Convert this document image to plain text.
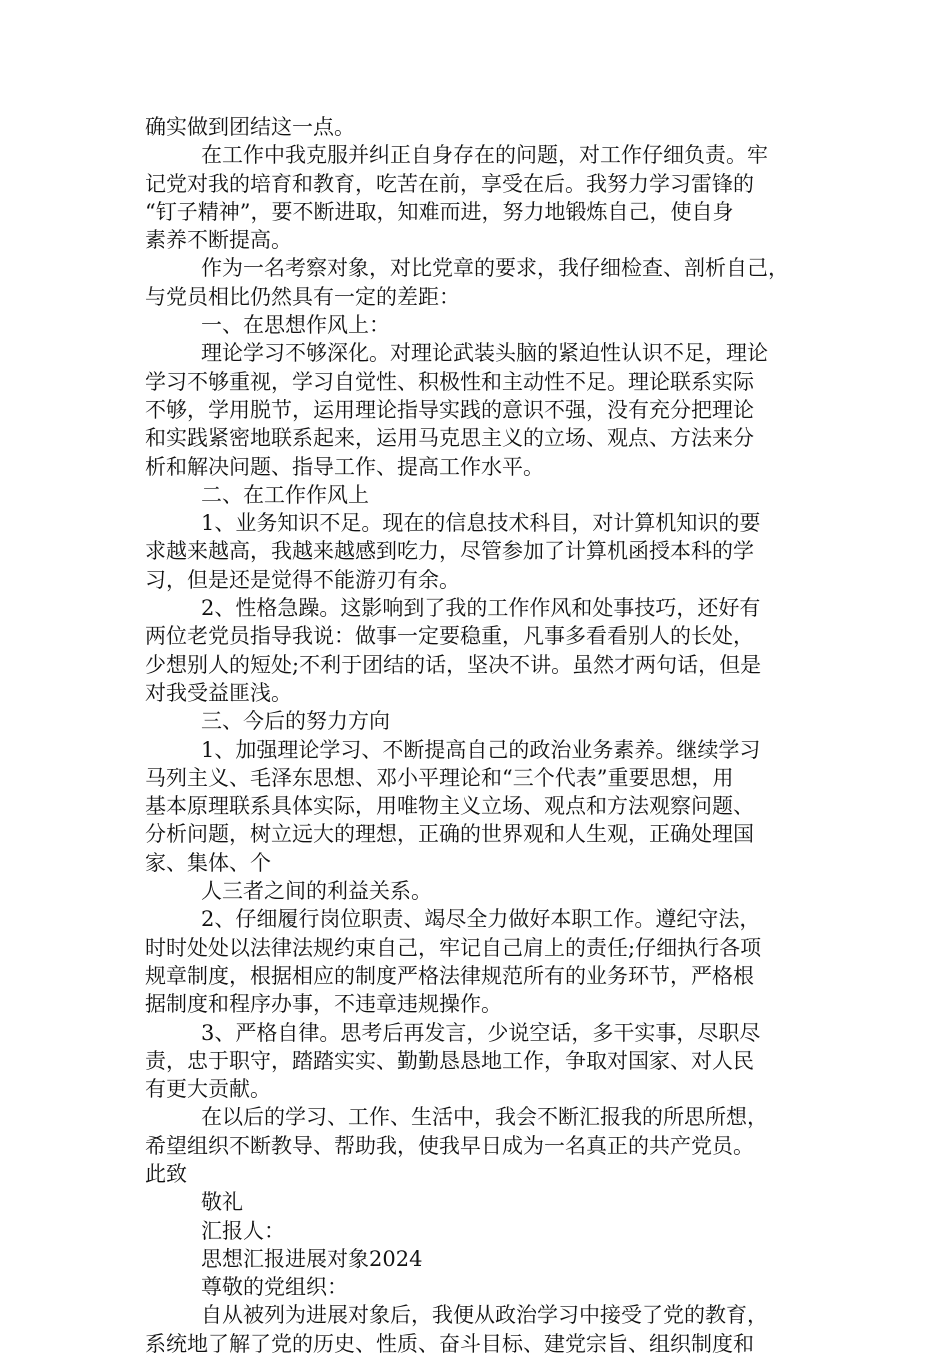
确实做到团结这一点。
在工作中我克服并纠正自身存在的问题，对工作仔细负责。牢
记党对我的培育和教育，吃苦在前，享受在后。我努力学习雷锋的
“钉子精神”，要不断进取，知难而进，努力地锻炼自己，使自身
素养不断提高。
作为一名考察对象，对比党章的要求，我仔细检查、剖析自己，
与党员相比仍然具有一定的差距：
一、在思想作风上：
理论学习不够深化。对理论武装头脑的紧迫性认识不足，理论
学习不够重视，学习自觉性、积极性和主动性不足。理论联系实际
不够，学用脱节，运用理论指导实践的意识不强，没有充分把理论
和实践紧密地联系起来，运用马克思主义的立场、观点、方法来分
析和解决问题、指导工作、提高工作水平。
二、在工作作风上
1、业务知识不足。现在的信息技术科目，对计算机知识的要
求越来越高，我越来越感到吃力，尽管参加了计算机函授本科的学
习，但是还是觉得不能游刃有余。
2、性格急躁。这影响到了我的工作作风和处事技巧，还好有
两位老党员指导我说：做事一定要稳重，凡事多看看别人的长处，
少想别人的短处;不利于团结的话，坚决不讲。虽然才两句话，但是
对我受益匪浅。
三、今后的努力方向
1、加强理论学习、不断提高自己的政治业务素养。继续学习
马列主义、毛泽东思想、邓小平理论和“三个代表”重要思想，用
基本原理联系具体实际，用唯物主义立场、观点和方法观察问题、
分析问题，树立远大的理想，正确的世界观和人生观，正确处理国
家、集体、个
人三者之间的利益关系。
2、仔细履行岗位职责、竭尽全力做好本职工作。遵纪守法，
时时处处以法律法规约束自己，牢记自己肩上的责任;仔细执行各项
规章制度，根据相应的制度严格法律规范所有的业务环节，严格根
据制度和程序办事，不违章违规操作。
3、严格自律。思考后再发言，少说空话，多干实事，尽职尽
责，忠于职守，踏踏实实、勤勤恳恳地工作，争取对国家、对人民
有更大贡献。
在以后的学习、工作、生活中，我会不断汇报我的所思所想，
希望组织不断教导、帮助我，使我早日成为一名真正的共产党员。
此致
敬礼
汇报人：
思想汇报进展对象2024
尊敬的党组织：
自从被列为进展对象后，我便从政治学习中接受了党的教育，
系统地了解了党的历史、性质、奋斗目标、建党宗旨、组织制度和
